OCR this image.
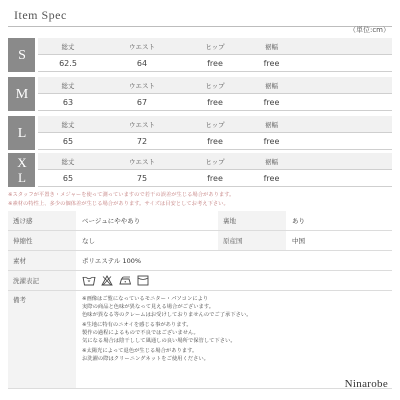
Item Spec
（単位:cm）
S
総丈	ウエスト	ヒップ	裾幅
62.5	64	free	free
M
総丈	ウエスト	ヒップ	裾幅
63	67	free	free
L
総丈	ウエスト	ヒップ	裾幅
65	72	free	free
XL	総丈	ウエスト	ヒップ	裾幅
65	75	free	free
※スタッフが平置き・メジャーを使って測っていますので若干の誤差が生じる場合があります。
※素材の特性上、多少の個体差が生じる場合があります。サイズは目安としてお考え下さい。
透け感	ベージュにややあり	裏地	あり
伸縮性	なし	原産国	中国
素材	ポリエステル 100%
洗濯表記
備考	※画像はご覧になっているモニター・パソコンにより

実際の商品と色味が異なって見える場合がございます。

色味が異なる等のクレームはお受けしておりませんのでご了承下さい。

※生地に特有のニオイを感じる事があります。

製作の過程によるもので不良ではございません。

気になる場合は陰干しして風通しの良い場所で保管して下さい。

※太陽光によって退色が生じる場合があります。

お洗濯の際はクリーニングネットをご使用ください。

Ninarobe
